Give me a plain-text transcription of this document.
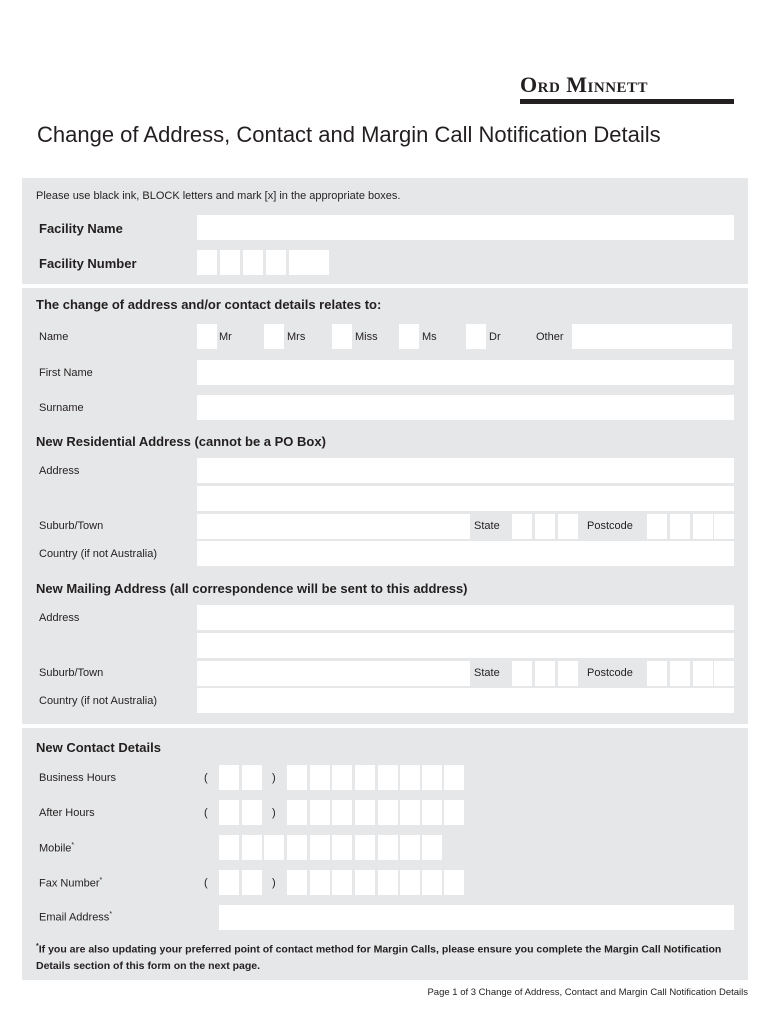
Ord Minnett
Change of Address, Contact and Margin Call Notification Details
Please use black ink, BLOCK letters and mark [x] in the appropriate boxes.
Facility Name
Facility Number
The change of address and/or contact details relates to:
Name	Mr	Mrs	Miss	Ms	Dr	Other
First Name
Surname
New Residential Address (cannot be a PO Box)
Address
Suburb/Town	State	Postcode
Country (if not Australia)
New Mailing Address (all correspondence will be sent to this address)
Address
Suburb/Town	State	Postcode
Country (if not Australia)
New Contact Details
Business Hours	(	)
After Hours	(	)
Mobile*
Fax Number*	(	)
Email Address*
*If you are also updating your preferred point of contact method for Margin Calls, please ensure you complete the Margin Call Notification Details section of this form on the next page.
Page 1 of 3 Change of Address, Contact and Margin Call Notification Details
